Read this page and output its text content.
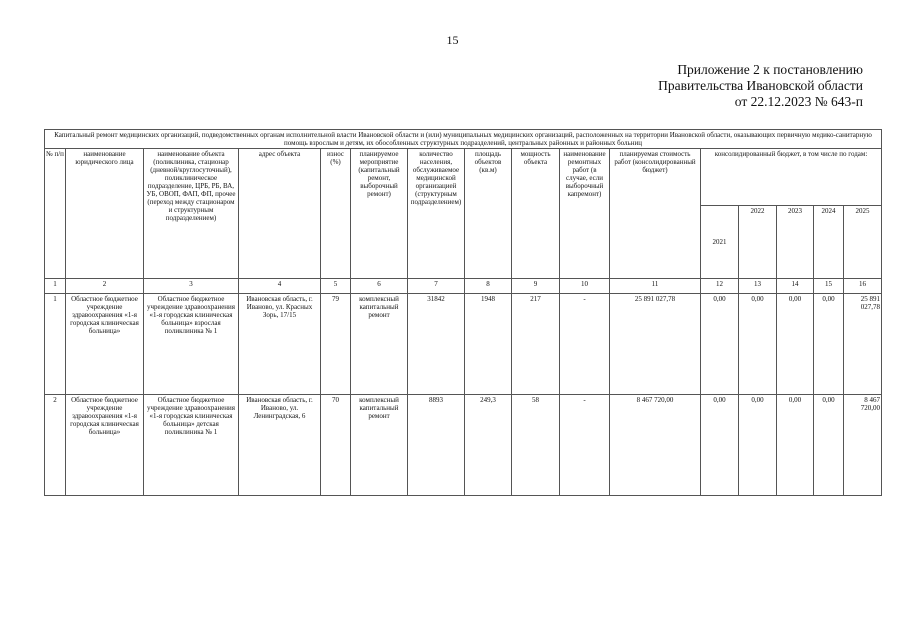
15
Приложение 2 к постановлению
Правительства Ивановской области
от 22.12.2023 № 643-п
Капитальный ремонт медицинских организаций, подведомственных органам исполнительной власти Ивановской области и (или) муниципальных медицинских организаций, расположенных на территории Ивановской области, оказывающих первичную медико-санитарную помощь взрослым и детям, их обособленных структурных подразделений, центральных районных и районных больниц															
№ п/п	наименование юридического лица	наименование объекта (поликлиника, стационар (дневной/круглосуточный), поликлиническое подразделение, ЦРБ, РБ, ВА, УБ, ОВОП, ФАП, ФП, прочее (переход между стационаром и структурным подразделением)	адрес объекта	износ (%)	планируемое мероприятие (капитальный ремонт, выборочный ремонт)	количество населения, обслуживаемое медицинской организацией (структурным подразделением)	площадь объектов (кв.м)	мощность объекта	наименование ремонтных работ (в случае, если выборочный капремонт)	планируемая стоимость работ (консолидированный бюджет)	консолидированный бюджет, в том числе по годам:				
											2021	2022	2023	2024	2025
1	2	3	4	5	6	7	8	9	10	11	12	13	14	15	16
1	Областное бюджетное учреждение здравоохранения «1-я городская клиническая больница»	Областное бюджетное учреждение здравоохранения «1-я городская клиническая больница» взрослая поликлиника № 1	Ивановская область, г. Иваново, ул. Красных Зорь, 17/15	79	комплексный капитальный ремонт	31842	1948	217	-	25 891 027,78	0,00	0,00	0,00	0,00	25 891 027,78
2	Областное бюджетное учреждение здравоохранения «1-я городская клиническая больница»	Областное бюджетное учреждение здравоохранения «1-я городская клиническая больница» детская поликлиника № 1	Ивановская область, г. Иваново, ул. Ленинградская, 6	70	комплексный капитальный ремонт	8893	249,3	58	-	8 467 720,00	0,00	0,00	0,00	0,00	8 467 720,00
